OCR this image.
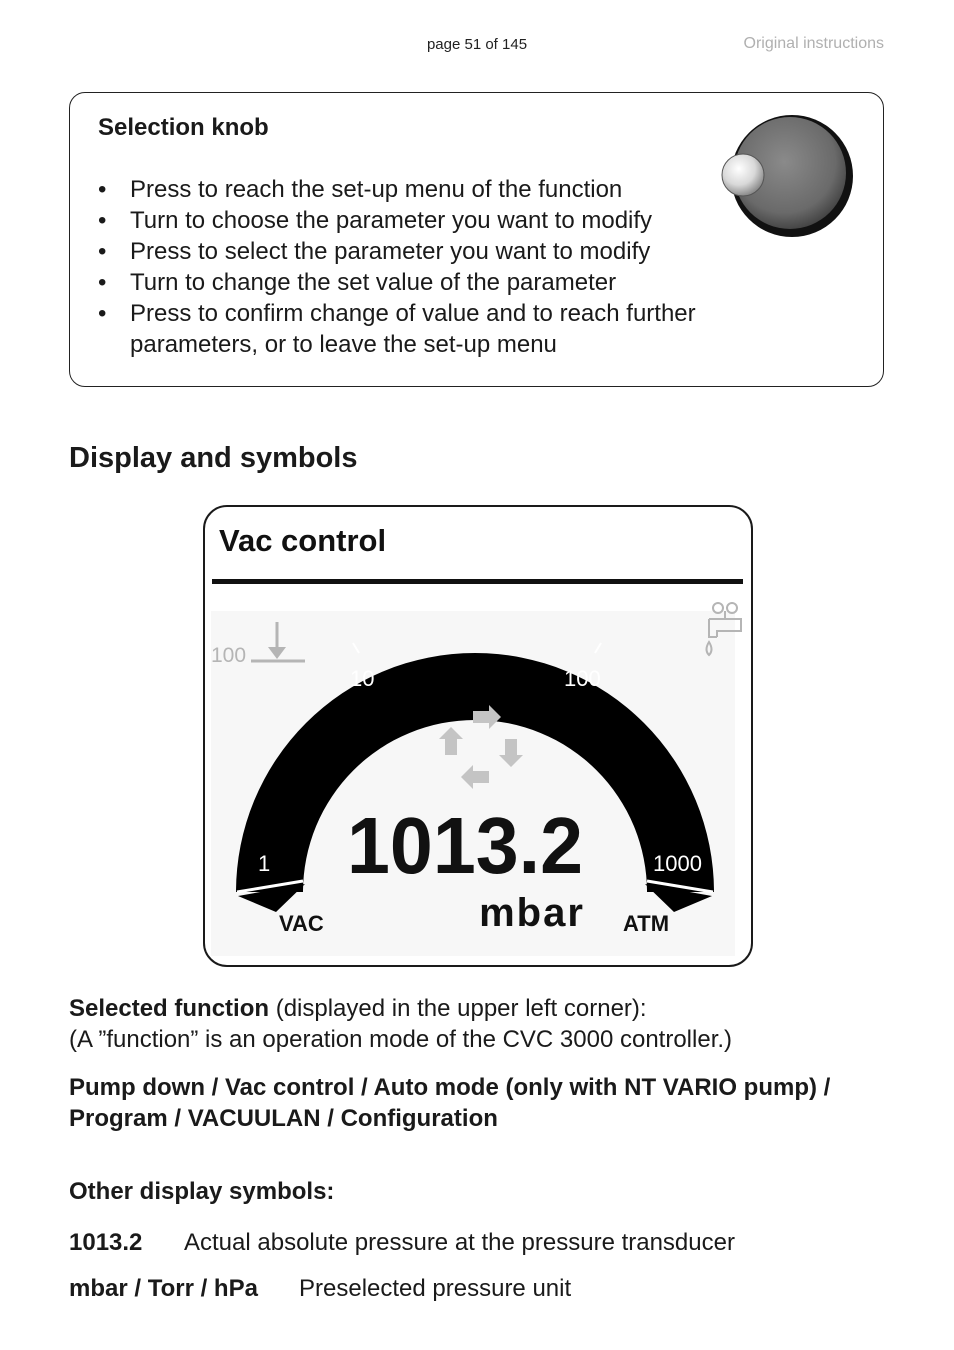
page 51 of 145	Original instructions
Selection knob
• Press to reach the set-up menu of the function
• Turn to choose the parameter you want to modify
• Press to select the parameter you want to modify
• Turn to change the set value of the parameter
• Press to confirm change of value and to reach further parameters, or to leave the set-up menu
Display and symbols
Vac control
10	100
1	1000
100
1013.2
mbar
VAC	ATM
Selected function (displayed in the upper left corner):
(A ”function” is an operation mode of the CVC 3000 controller.)
Pump down / Vac control / Auto mode (only with NT VARIO pump) / Program / VACUULAN / Configuration
Other display symbols:
1013.2 Actual absolute pressure at the pressure transducer
mbar / Torr / hPa Preselected pressure unit
